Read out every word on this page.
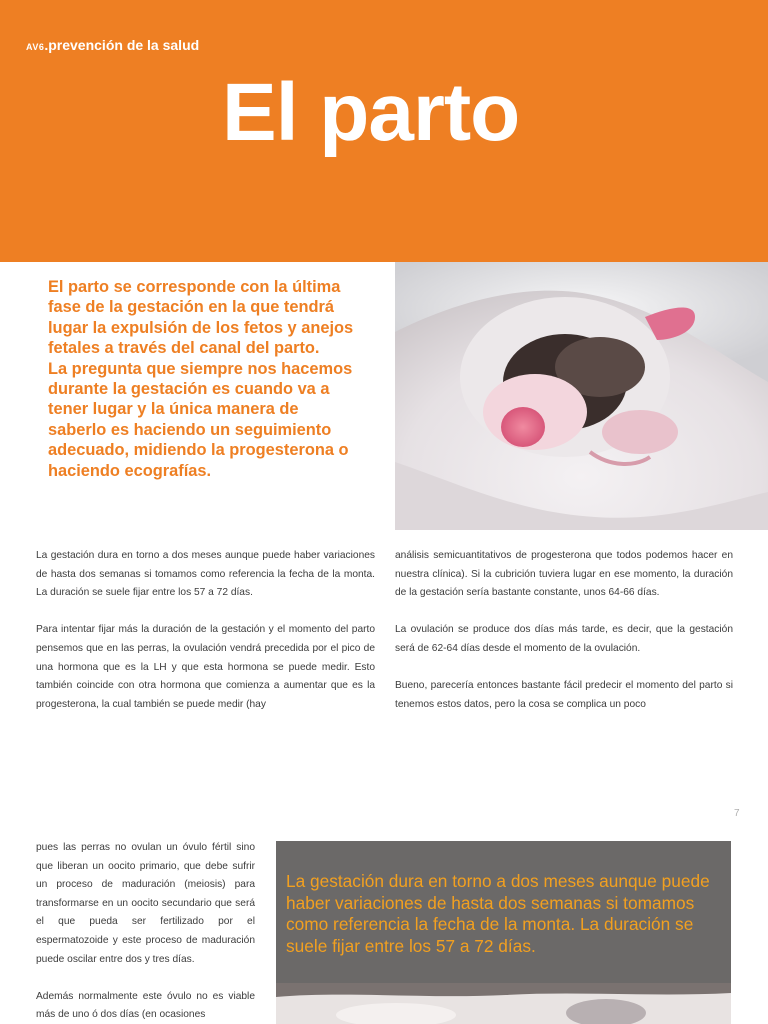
AV6.prevención de la salud
El parto

El parto se corresponde con la última fase de la gestación en la que tendrá lugar la expulsión de los fetos y anejos fetales a través del canal del parto.

La pregunta que siempre nos hacemos durante la gestación es cuando va a tener lugar y la única manera de saberlo es haciendo un seguimiento adecuado, midiendo la progesterona o haciendo ecografías.

La gestación dura en torno a dos meses aunque puede haber variaciones de hasta dos semanas si tomamos como referencia la fecha de la monta. La duración se suele fijar entre los 57 a 72 días.

Para intentar fijar más la duración de la gestación y el momento del parto pensemos que en las perras, la ovulación vendrá precedida por el pico de una hormona que es la LH y que esta hormona se puede medir. Esto también coincide con otra hormona que comienza a aumentar que es la progesterona, la cual también se puede medir (hay

análisis semicuantitativos de progesterona que todos podemos hacer en nuestra clínica). Si la cubrición tuviera lugar en ese momento, la duración de la gestación sería bastante constante, unos 64-66 días.

La ovulación se produce dos días más tarde, es decir, que la gestación será de 62-64 días desde el momento de la ovulación.

Bueno, parecería entonces bastante fácil predecir el momento del parto si tenemos estos datos, pero la cosa se complica un poco

7

pues las perras no ovulan un óvulo fértil sino que liberan un oocito primario, que debe sufrir un proceso de maduración (meiosis) para transformarse en un oocito secundario que será el que pueda ser fertilizado por el espermatozoide y este proceso de maduración puede oscilar entre dos y tres días.

Además normalmente este óvulo no es viable más de uno ó dos días (en ocasiones

La gestación dura en torno a dos meses aunque puede haber variaciones de hasta dos semanas si tomamos como referencia la fecha de la monta. La duración se suele fijar entre los 57 a 72 días.
